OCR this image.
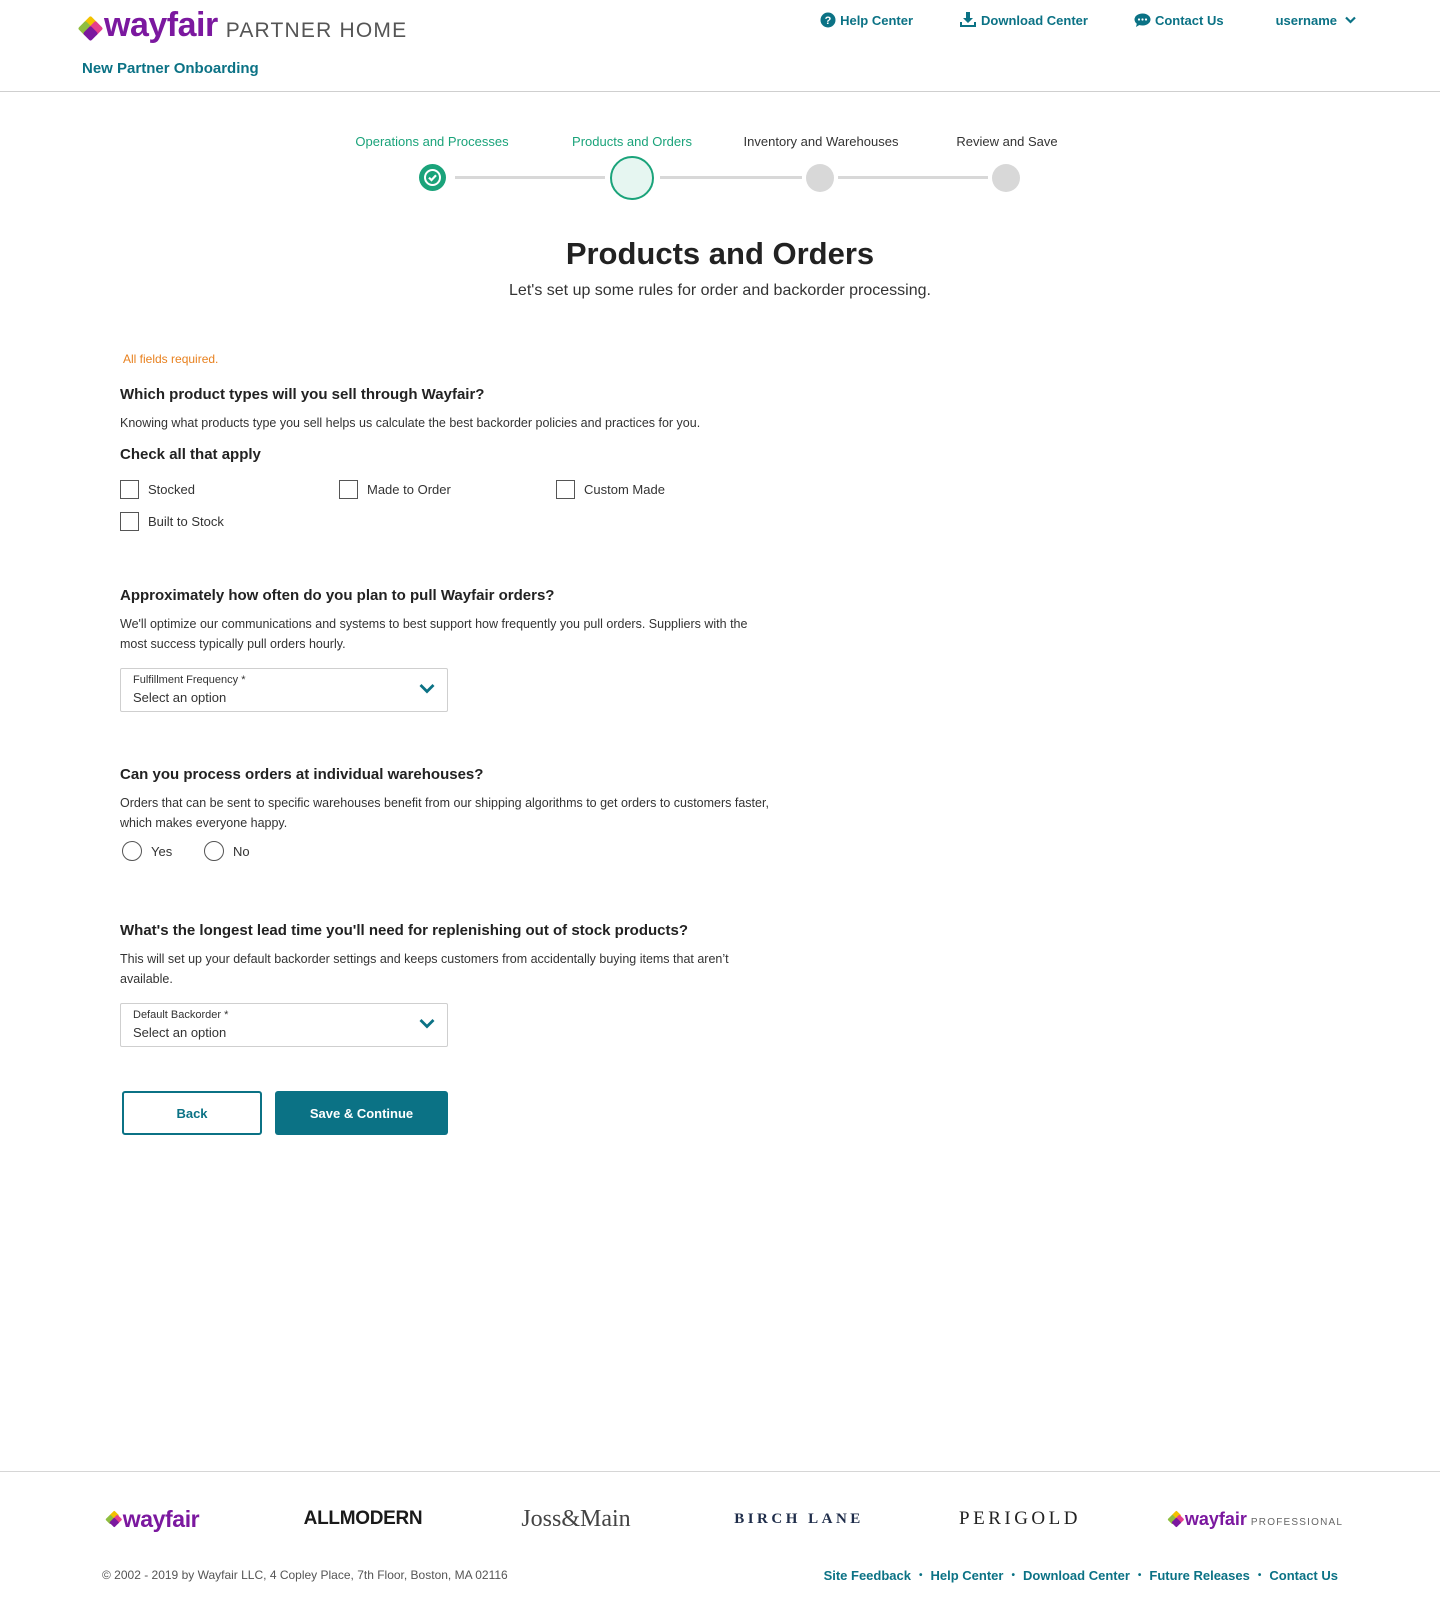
wayfair PARTNER HOME
New Partner Onboarding
? Help Center	Download Center	Contact Us	username
Operations and Processes	Products and Orders	Inventory and Warehouses	Review and Save
Products and Orders

Let's set up some rules for order and backorder processing.

All fields required.
Which product types will you sell through Wayfair?
Knowing what products type you sell helps us calculate the best backorder policies and practices for you.
Check all that apply
Stocked	Made to Order	Custom Made
Built to Stock
Approximately how often do you plan to pull Wayfair orders?
We'll optimize our communications and systems to best support how frequently you pull orders. Suppliers with the most success typically pull orders hourly.
Fulfillment Frequency *
Select an option
Can you process orders at individual warehouses?
Orders that can be sent to specific warehouses benefit from our shipping algorithms to get orders to customers faster, which makes everyone happy.
Yes	No
What's the longest lead time you'll need for replenishing out of stock products?
This will set up your default backorder settings and keeps customers from accidentally buying items that aren’t available.
Default Backorder *
Select an option
Back	Save & Continue
wayfair	ALLMODERN	Joss&Main	BIRCH LANE	PERIGOLD	wayfair PROFESSIONAL
© 2002 - 2019 by Wayfair LLC, 4 Copley Place, 7th Floor, Boston, MA 02116	Site Feedback • Help Center • Download Center • Future Releases • Contact Us
